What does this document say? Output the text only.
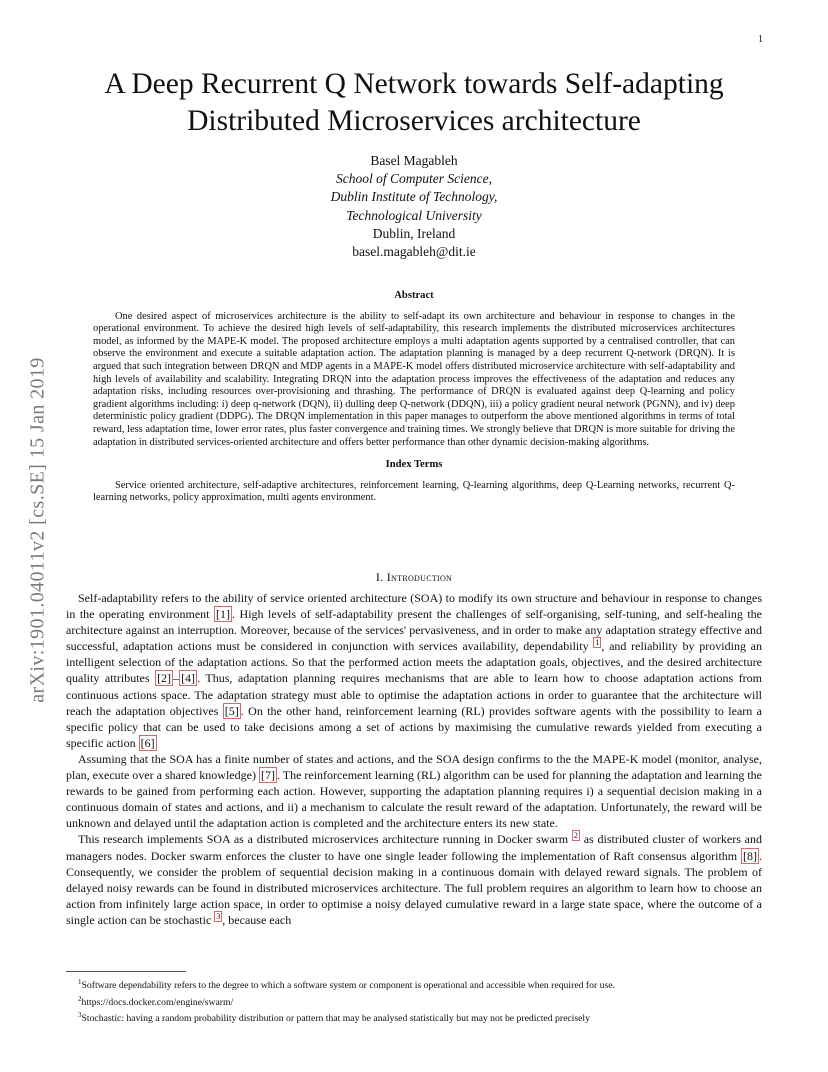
1
arXiv:1901.04011v2 [cs.SE] 15 Jan 2019
A Deep Recurrent Q Network towards Self-adapting Distributed Microservices architecture
Basel Magableh
School of Computer Science,
Dublin Institute of Technology,
Technological University
Dublin, Ireland
basel.magableh@dit.ie
Abstract

One desired aspect of microservices architecture is the ability to self-adapt its own architecture and behaviour in response to changes in the operational environment. To achieve the desired high levels of self-adaptability, this research implements the distributed microservices architectures model, as informed by the MAPE-K model. The proposed architecture employs a multi adaptation agents supported by a centralised controller, that can observe the environment and execute a suitable adaptation action. The adaptation planning is managed by a deep recurrent Q-network (DRQN). It is argued that such integration between DRQN and MDP agents in a MAPE-K model offers distributed microservice architecture with self-adaptability and high levels of availability and scalability. Integrating DRQN into the adaptation process improves the effectiveness of the adaptation and reduces any adaptation risks, including resources over-provisioning and thrashing. The performance of DRQN is evaluated against deep Q-learning and policy gradient algorithms including: i) deep q-network (DQN), ii) dulling deep Q-network (DDQN), iii) a policy gradient neural network (PGNN), and iv) deep deterministic policy gradient (DDPG). The DRQN implementation in this paper manages to outperform the above mentioned algorithms in terms of total reward, less adaptation time, lower error rates, plus faster convergence and training times. We strongly believe that DRQN is more suitable for driving the adaptation in distributed services-oriented architecture and offers better performance than other dynamic decision-making algorithms.

Index Terms

Service oriented architecture, self-adaptive architectures, reinforcement learning, Q-learning algorithms, deep Q-Learning networks, recurrent Q-learning networks, policy approximation, multi agents environment.

I. Introduction

Self-adaptability refers to the ability of service oriented architecture (SOA) to modify its own structure and behaviour in response to changes in the operating environment [1] . High levels of self-adaptability present the challenges of self-organising, self-tuning, and self-healing the architecture against an interruption. Moreover, because of the services' pervasiveness, and in order to make any adaptation strategy effective and successful, adaptation actions must be considered in conjunction with services availability, dependability $^1$ , and reliability by providing an intelligent selection of the adaptation actions. So that the performed action meets the adaptation goals, objectives, and the desired architecture quality attributes [2] – [4] . Thus, adaptation planning requires mechanisms that are able to learn how to choose adaptation actions from continuous actions space. The adaptation strategy must able to optimise the adaptation actions in order to guarantee that the architecture will reach the adaptation objectives [5] . On the other hand, reinforcement learning (RL) provides software agents with the possibility to learn a specific policy that can be used to take decisions among a set of actions by maximising the cumulative rewards yielded from executing a specific action [6]

Assuming that the SOA has a finite number of states and actions, and the SOA design confirms to the the MAPE-K model (monitor, analyse, plan, execute over a shared knowledge) [7] . The reinforcement learning (RL) algorithm can be used for planning the adaptation and learning the rewards to be gained from performing each action. However, supporting the adaptation planning requires i) a sequential decision making in a continuous domain of states and actions, and ii) a mechanism to calculate the result reward of the adaptation. Unfortunately, the reward will be unknown and delayed until the adaptation action is completed and the architecture enters its new state.

This research implements SOA as a distributed microservices architecture running in Docker swarm $^2$ as distributed cluster of workers and managers nodes. Docker swarm enforces the cluster to have one single leader following the implementation of Raft consensus algorithm [8] . Consequently, we consider the problem of sequential decision making in a continuous domain with delayed reward signals. The problem of delayed noisy rewards can be found in distributed microservices architecture. The full problem requires an algorithm to learn how to choose an action from infinitely large action space, in order to optimise a noisy delayed cumulative reward in a large state space, where the outcome of a single action can be stochastic $^3$ , because each

$^1$Software dependability refers to the degree to which a software system or component is operational and accessible when required for use.

$^2$https://docs.docker.com/engine/swarm/

$^3$Stochastic: having a random probability distribution or pattern that may be analysed statistically but may not be predicted precisely
